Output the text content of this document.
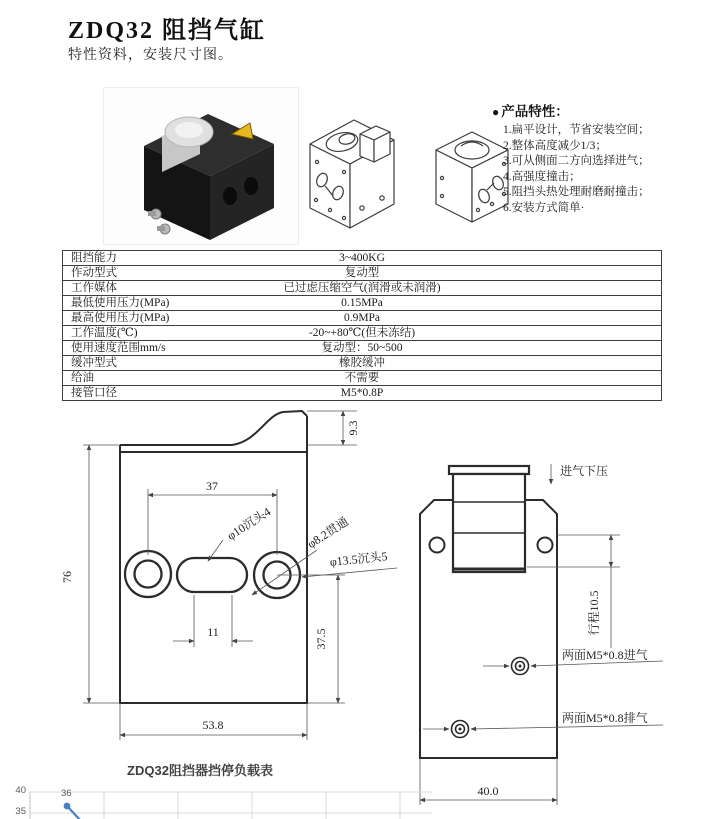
ZDQ32 阻挡气缸
特性资料，安装尺寸图。
● 产品特性：
1.扁平设计，节省安装空间；
2.整体高度减少1/3；
3.可从侧面二方向选择进气；
4.高强度撞击；
5.阻挡头热处理耐磨耐撞击；
6.安装方式简单·
阻挡能力	3~400KG
作动型式	复动型
工作媒体	已过虑压缩空气(润滑或未润滑)
最低使用压力(MPa)	0.15MPa
最高使用压力(MPa)	0.9MPa
工作温度(℃)	-20~+80℃(但未冻结)
使用速度范围mm/s	复动型：50~500
缓冲型式	橡胶缓冲
给油	不需要
接管口径	M5*0.8P
76
9.3
37
11	37.5
53.8
φ10沉头4	φ8.2贯通
φ13.5沉头5
进气下压
行程10.5
两面M5*0.8进气
两面M5*0.8排气
40.0
ZDQ32阻挡器挡停负载表
40
35
36
